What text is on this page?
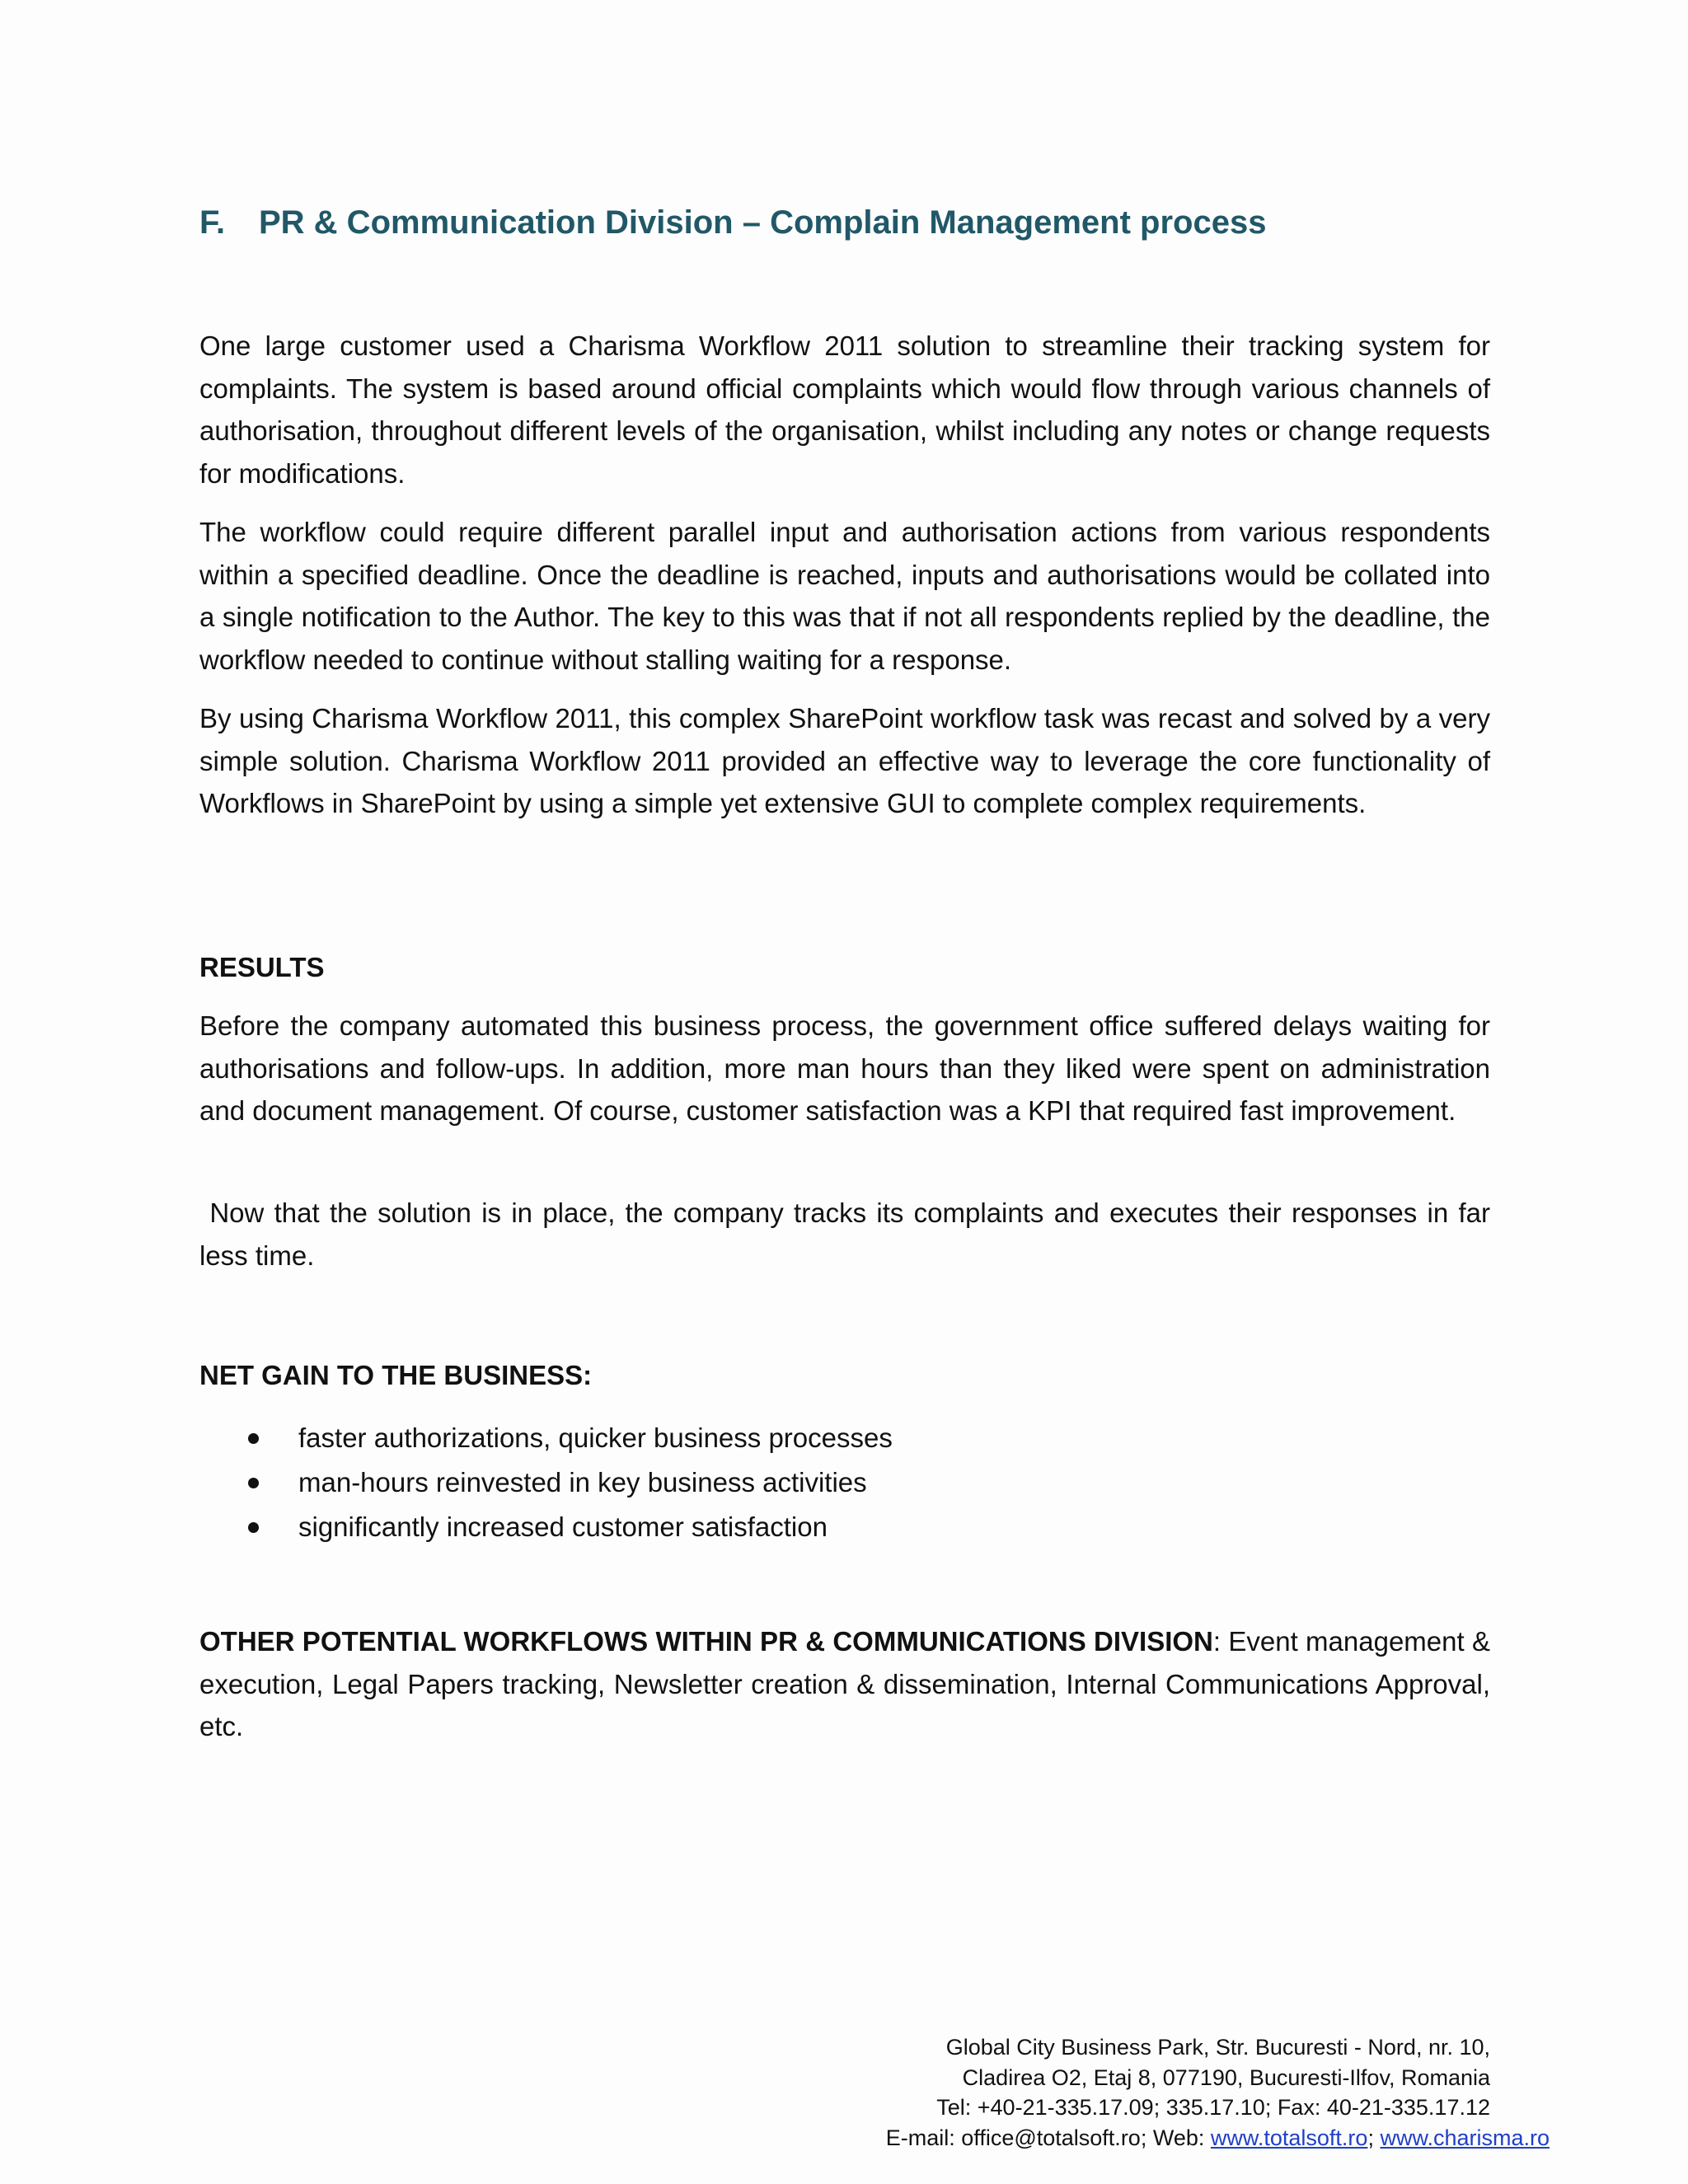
F. PR & Communication Division – Complain Management process

One large customer used a Charisma Workflow 2011 solution to streamline their tracking system for complaints. The system is based around official complaints which would flow through various channels of authorisation, throughout different levels of the organisation, whilst including any notes or change requests for modifications.

The workflow could require different parallel input and authorisation actions from various respondents within a specified deadline. Once the deadline is reached, inputs and authorisations would be collated into a single notification to the Author. The key to this was that if not all respondents replied by the deadline, the workflow needed to continue without stalling waiting for a response.

By using Charisma Workflow 2011, this complex SharePoint workflow task was recast and solved by a very simple solution. Charisma Workflow 2011 provided an effective way to leverage the core functionality of Workflows in SharePoint by using a simple yet extensive GUI to complete complex requirements.

RESULTS

Before the company automated this business process, the government office suffered delays waiting for authorisations and follow-ups. In addition, more man hours than they liked were spent on administration and document management. Of course, customer satisfaction was a KPI that required fast improvement.

Now that the solution is in place, the company tracks its complaints and executes their responses in far less time.

NET GAIN TO THE BUSINESS:
faster authorizations, quicker business processes
man-hours reinvested in key business activities
significantly increased customer satisfaction

OTHER POTENTIAL WORKFLOWS WITHIN PR & COMMUNICATIONS DIVISION: Event management & execution, Legal Papers tracking, Newsletter creation & dissemination, Internal Communications Approval, etc.

Global City Business Park, Str. Bucuresti - Nord, nr. 10,
Cladirea O2, Etaj 8, 077190, Bucuresti-Ilfov, Romania
Tel: +40-21-335.17.09; 335.17.10; Fax: 40-21-335.17.12
E-mail: office@totalsoft.ro; Web: www.totalsoft.ro; www.charisma.ro
